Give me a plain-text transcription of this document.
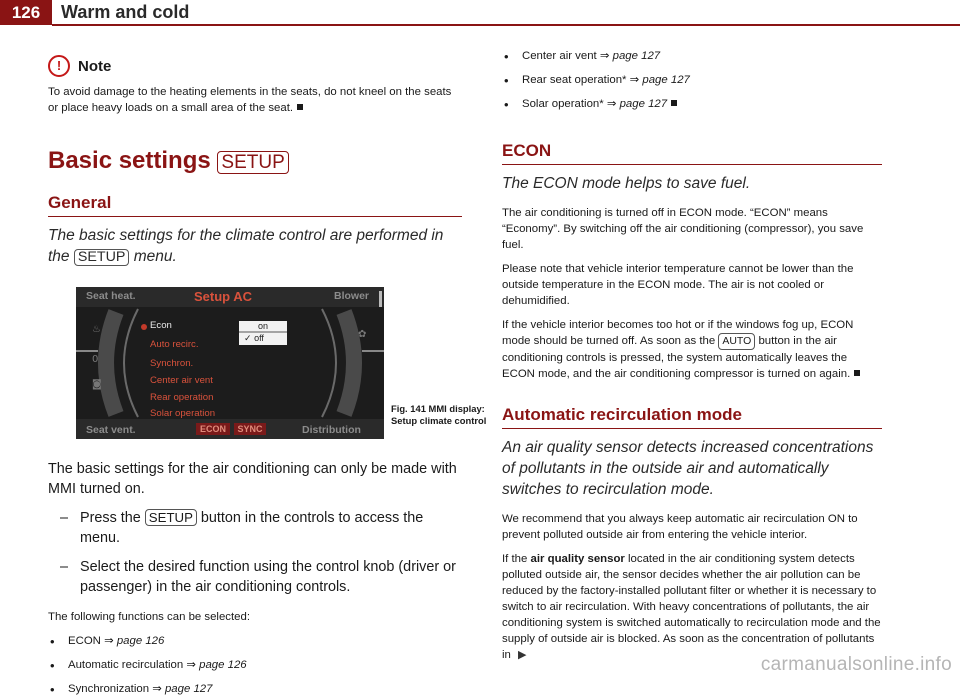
126	Warm and cold
!	Note

To avoid damage to the heating elements in the seats, do not kneel on the seats or place heavy loads on a small area of the seat.

Basic settings SETUP
General

The basic settings for the climate control are performed in the SETUP menu.

♨
0
◙
✿
Seat heat.	Setup AC	Blower
Econ
Auto recirc.
Synchron.
Center air vent
Rear operation
Solar operation
on
✓ off
Seat vent.	ECON	SYNC	Distribution
Fig. 141 MMI display: Setup climate control

The basic settings for the air conditioning can only be made with MMI turned on.

– Press the SETUP button in the controls to access the menu.

– Select the desired function using the control knob (driver or passenger) in the air conditioning controls.

The following functions can be selected:

• ECON ⇒ page 126
• Automatic recirculation ⇒ page 126
• Synchronization ⇒ page 127
• Center air vent ⇒ page 127
• Rear seat operation* ⇒ page 127
• Solar operation* ⇒ page 127
ECON

The ECON mode helps to save fuel.

The air conditioning is turned off in ECON mode. “ECON” means “Economy”. By switching off the air conditioning (compressor), you save fuel.

Please note that vehicle interior temperature cannot be lower than the outside temperature in the ECON mode. The air is not cooled or dehumidified.

If the vehicle interior becomes too hot or if the windows fog up, ECON mode should be turned off. As soon as the AUTO button in the air conditioning controls is pressed, the system automatically leaves the ECON mode, and the air conditioning compressor is turned on again.

Automatic recirculation mode

An air quality sensor detects increased concentrations of pollutants in the outside air and automatically switches to recirculation mode.

We recommend that you always keep automatic air recirculation ON to prevent polluted outside air from entering the vehicle interior.

If the air quality sensor located in the air conditioning system detects polluted outside air, the sensor decides whether the air pollution can be reduced by the factory-installed pollutant filter or whether it is necessary to switch to air recirculation. With heavy concentrations of pollutants, the air conditioning system is switched automatically to recirculation mode and the supply of outside air is blocked. As soon as the concentration of pollutants in ▶	carmanualsonline.info
